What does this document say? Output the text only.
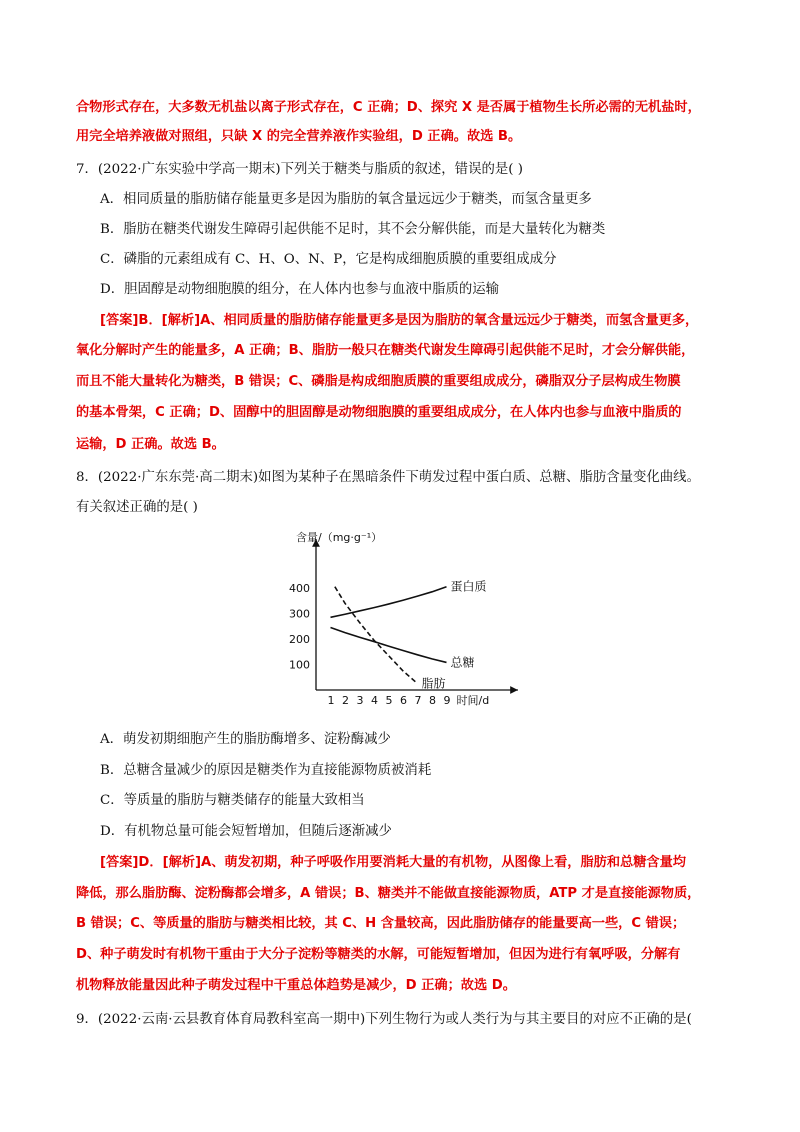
合物形式存在，大多数无机盐以离子形式存在，C 正确；D、探究 X 是否属于植物生长所必需的无机盐时，
用完全培养液做对照组，只缺 X 的完全营养液作实验组，D 正确。故选 B。
7．(2022·广东实验中学高一期末)下列关于糖类与脂质的叙述，错误的是( )
A．相同质量的脂肪储存能量更多是因为脂肪的氧含量远远少于糖类，而氢含量更多
B．脂肪在糖类代谢发生障碍引起供能不足时，其不会分解供能，而是大量转化为糖类
C．磷脂的元素组成有 C、H、O、N、P，它是构成细胞质膜的重要组成成分
D．胆固醇是动物细胞膜的组分，在人体内也参与血液中脂质的运输
[答案]B．[解析]A、相同质量的脂肪储存能量更多是因为脂肪的氧含量远远少于糖类，而氢含量更多，
氧化分解时产生的能量多，A 正确；B、脂肪一般只在糖类代谢发生障碍引起供能不足时，才会分解供能，
而且不能大量转化为糖类，B 错误；C、磷脂是构成细胞质膜的重要组成成分，磷脂双分子层构成生物膜
的基本骨架，C 正确；D、固醇中的胆固醇是动物细胞膜的重要组成成分，在人体内也参与血液中脂质的
运输，D 正确。故选 B。
8．(2022·广东东莞·高二期末)如图为某种子在黑暗条件下萌发过程中蛋白质、总糖、脂肪含量变化曲线。
有关叙述正确的是( )
100
200
300
400
1 2 3 4 5 6 7 8 9
含量/（mg·g⁻¹）
时间/d
蛋白质
总糖
脂肪
A．萌发初期细胞产生的脂肪酶增多、淀粉酶减少
B．总糖含量减少的原因是糖类作为直接能源物质被消耗
C．等质量的脂肪与糖类储存的能量大致相当
D．有机物总量可能会短暂增加，但随后逐渐减少
[答案]D．[解析]A、萌发初期，种子呼吸作用要消耗大量的有机物，从图像上看，脂肪和总糖含量均
降低，那么脂肪酶、淀粉酶都会增多，A 错误；B、糖类并不能做直接能源物质，ATP 才是直接能源物质，
B 错误；C、等质量的脂肪与糖类相比较，其 C、H 含量较高，因此脂肪储存的能量要高一些，C 错误；
D、种子萌发时有机物干重由于大分子淀粉等糖类的水解，可能短暂增加，但因为进行有氧呼吸，分解有
机物释放能量因此种子萌发过程中干重总体趋势是减少，D 正确；故选 D。
9．(2022·云南·云县教育体育局教科室高一期中)下列生物行为或人类行为与其主要目的对应不正确的是(
